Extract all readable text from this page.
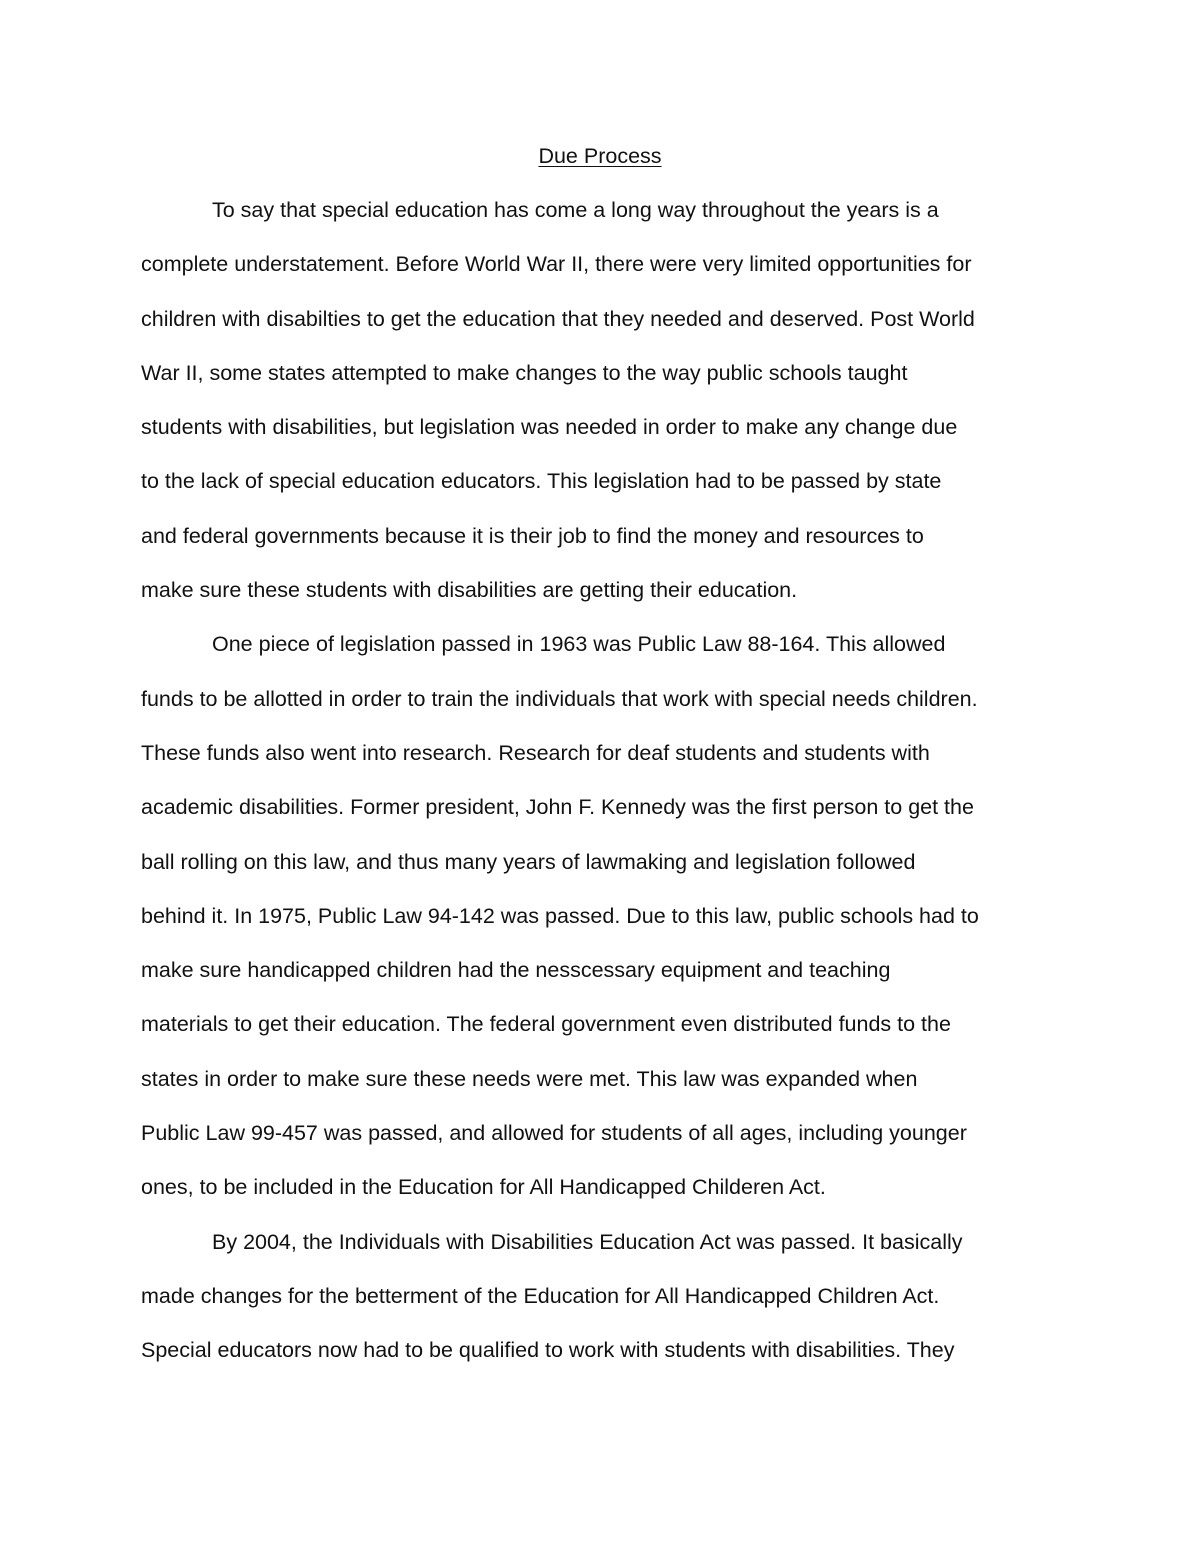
Due Process
To say that special education has come a long way throughout the years is a
complete understatement. Before World War II, there were very limited opportunities for
children with disabilties to get the education that they needed and deserved. Post World
War II, some states attempted to make changes to the way public schools taught
students with disabilities, but legislation was needed in order to make any change due
to the lack of special education educators. This legislation had to be passed by state
and federal governments because it is their job to find the money and resources to
make sure these students with disabilities are getting their education.
One piece of legislation passed in 1963 was Public Law 88-164. This allowed
funds to be allotted in order to train the individuals that work with special needs children.
These funds also went into research. Research for deaf students and students with
academic disabilities. Former president, John F. Kennedy was the first person to get the
ball rolling on this law, and thus many years of lawmaking and legislation followed
behind it. In 1975, Public Law 94-142 was passed. Due to this law, public schools had to
make sure handicapped children had the nesscessary equipment and teaching
materials to get their education. The federal government even distributed funds to the
states in order to make sure these needs were met. This law was expanded when
Public Law 99-457 was passed, and allowed for students of all ages, including younger
ones, to be included in the Education for All Handicapped Childeren Act.
By 2004, the Individuals with Disabilities Education Act was passed. It basically
made changes for the betterment of the Education for All Handicapped Children Act.
Special educators now had to be qualified to work with students with disabilities. They
